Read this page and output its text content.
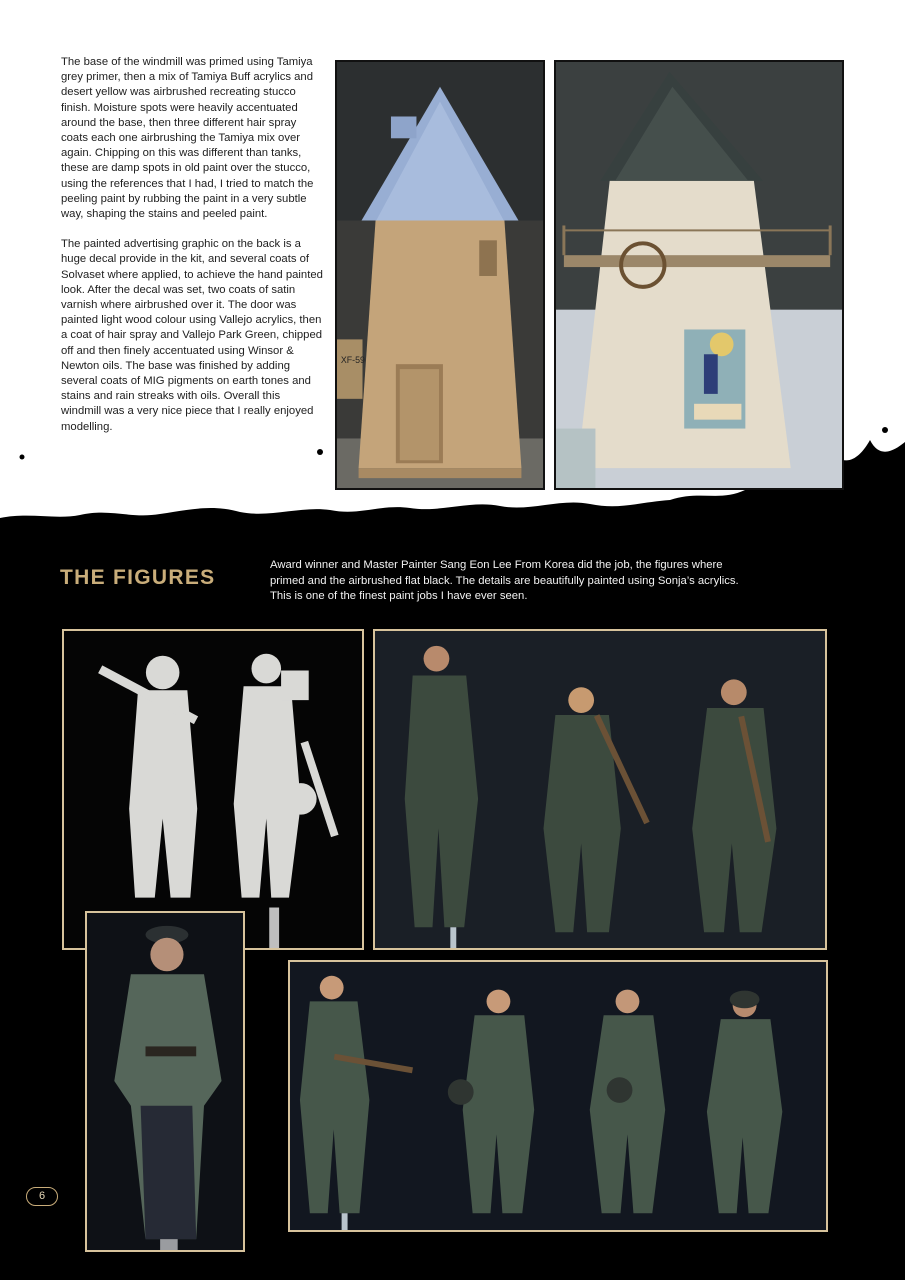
The base of the windmill was primed using Tamiya grey primer, then a mix of Tamiya Buff acrylics and desert yellow was airbrushed recreating stucco finish. Moisture spots were heavily accentuated around the base, then three different hair spray coats each one airbrushing the Tamiya mix over again. Chipping on this was different than tanks, these are damp spots in old paint over the stucco, using the references that I had, I tried to match the peeling paint by rubbing the paint in a very subtle way, shaping the stains and peeled paint.

The painted advertising graphic on the back is a huge decal provide in the kit, and several coats of Solvaset where applied, to achieve the hand painted look. After the decal was set, two coats of satin varnish where airbrushed over it. The door was painted light wood colour using Vallejo acrylics, then a coat of hair spray and Vallejo Park Green, chipped off and then finely accentuated using Winsor & Newton oils. The base was finished by adding several coats of MIG pigments on earth tones and stains and rain streaks with oils. Overall this windmill was a very nice piece that I really enjoyed modelling.

XF-59
THE FIGURES
Award winner and Master Painter Sang Eon Lee From Korea did the job, the figures where primed and the airbrushed flat black. The details are beautifully painted using Sonja’s acrylics. This is one of the finest paint jobs I have ever seen.
6
